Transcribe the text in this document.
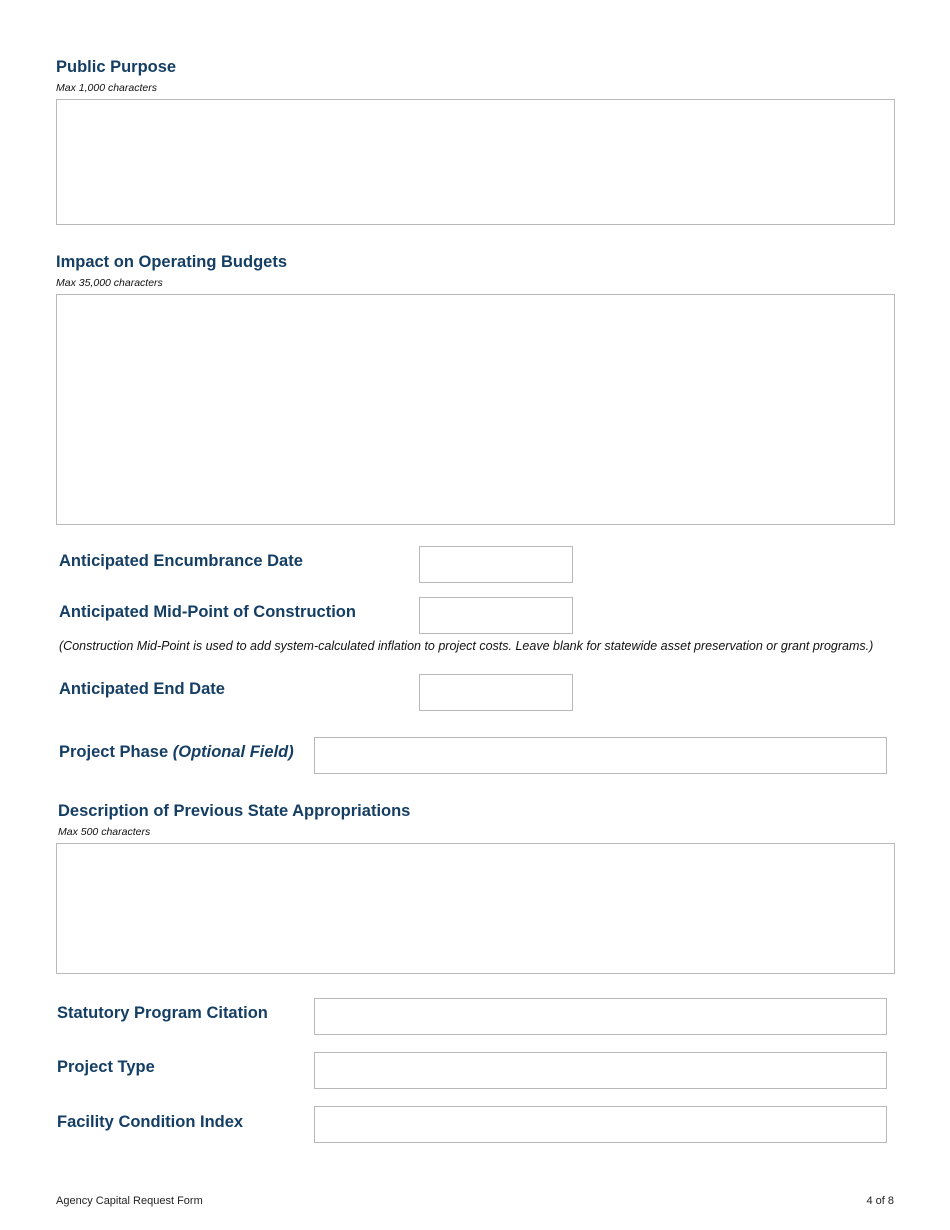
Public Purpose
Max 1,000 characters
Impact on Operating Budgets
Max 35,000 characters
Anticipated Encumbrance Date
Anticipated Mid-Point of Construction
(Construction Mid-Point is used to add system-calculated inflation to project costs. Leave blank for statewide asset preservation or grant programs.)
Anticipated End Date
Project Phase (Optional Field)
Description of Previous State Appropriations
Max 500 characters
Statutory Program Citation
Project Type
Facility Condition Index
Agency Capital Request Form	4 of 8
